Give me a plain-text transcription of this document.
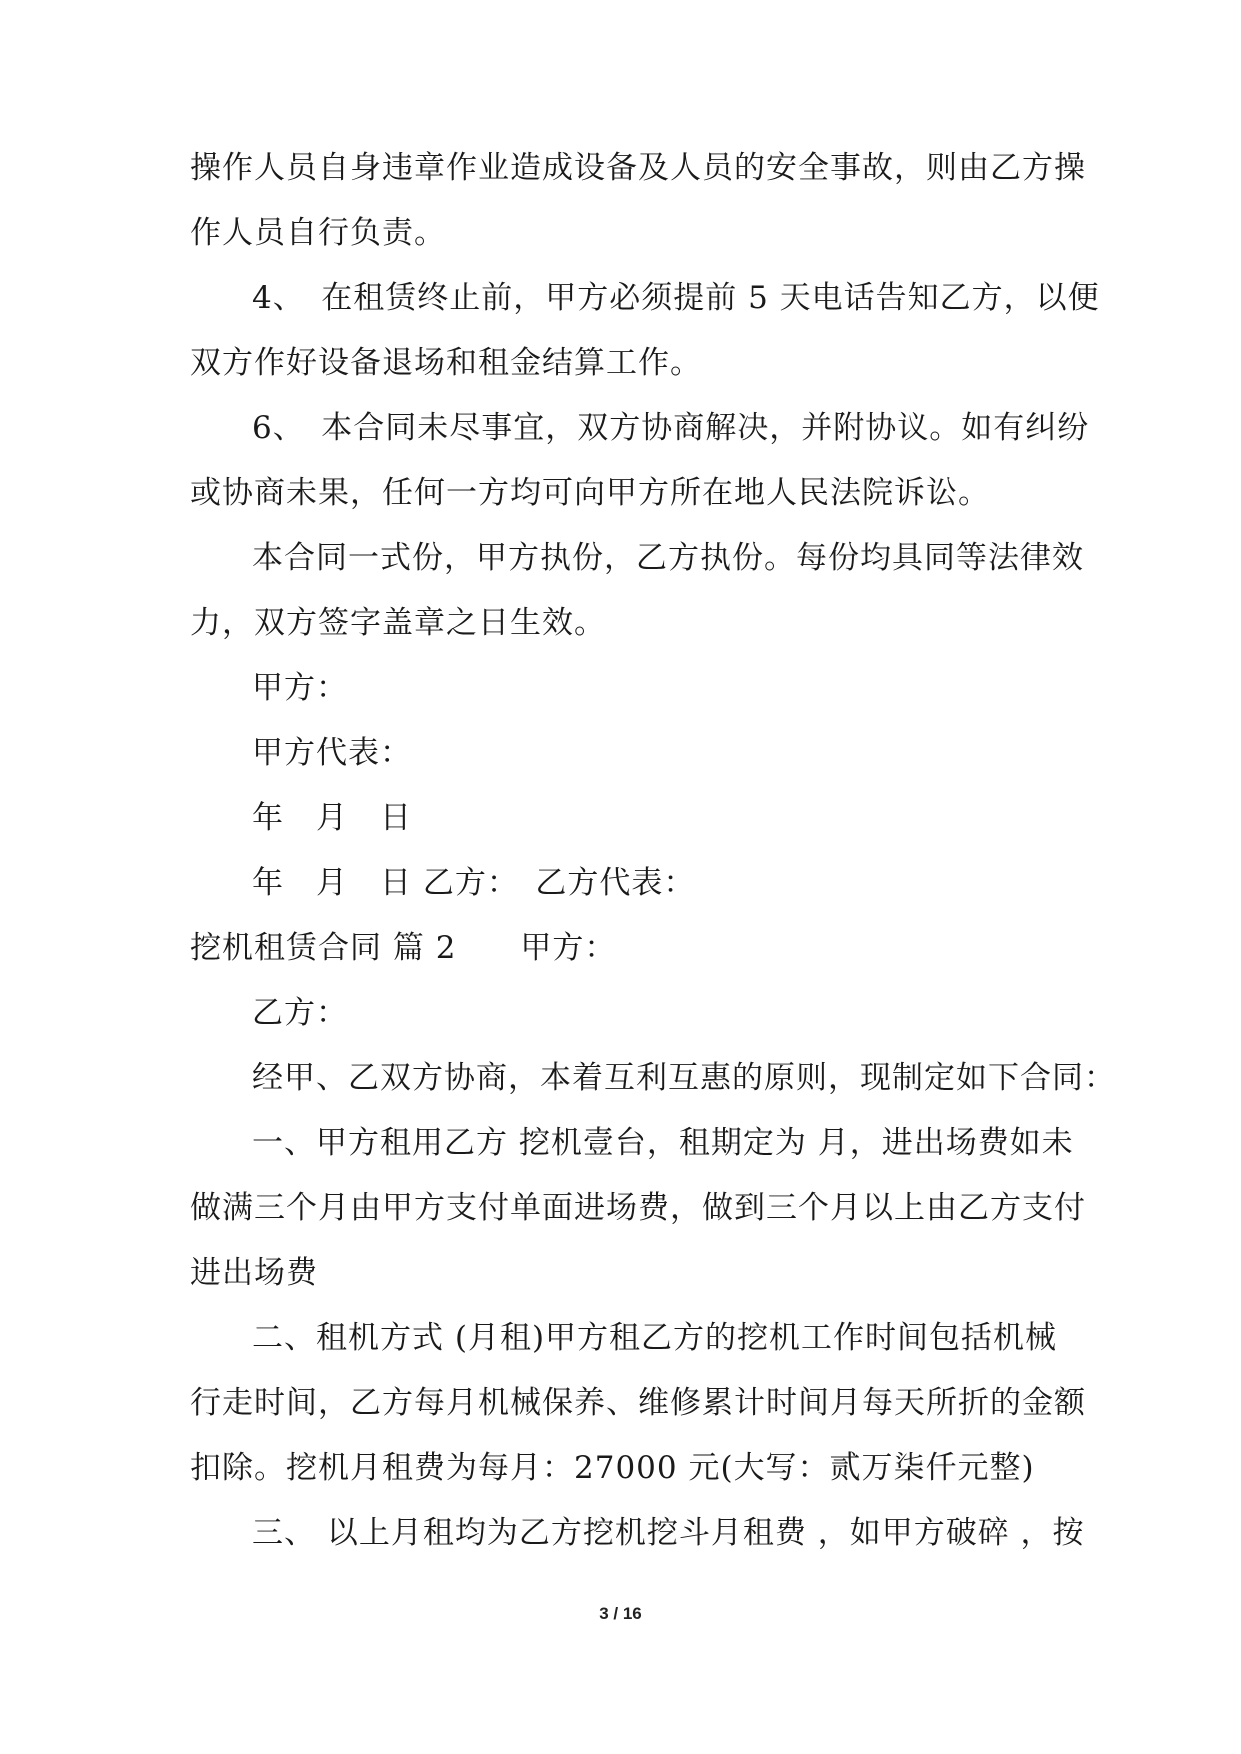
操作人员自身违章作业造成设备及人员的安全事故，则由乙方操
作人员自行负责。
4、　在租赁终止前，甲方必须提前 5 天电话告知乙方，以便
双方作好设备退场和租金结算工作。
6、　本合同未尽事宜，双方协商解决，并附协议。如有纠纷
或协商未果，任何一方均可向甲方所在地人民法院诉讼。
本合同一式份，甲方执份，乙方执份。每份均具同等法律效
力，双方签字盖章之日生效。
甲方：
甲方代表：
年　月　日
年　月　日 乙方：　乙方代表：
挖机租赁合同 篇 2　　甲方：
乙方：
经甲、乙双方协商，本着互利互惠的原则，现制定如下合同：
一、甲方租用乙方 挖机壹台，租期定为 月，进出场费如未
做满三个月由甲方支付单面进场费，做到三个月以上由乙方支付
进出场费
二、租机方式 (月租)甲方租乙方的挖机工作时间包括机械
行走时间，乙方每月机械保养、维修累计时间月每天所折的金额
扣除。挖机月租费为每月：27000 元(大写：贰万柒仟元整)
三、 以上月租均为乙方挖机挖斗月租费 ，如甲方破碎 ，按
3 / 16
